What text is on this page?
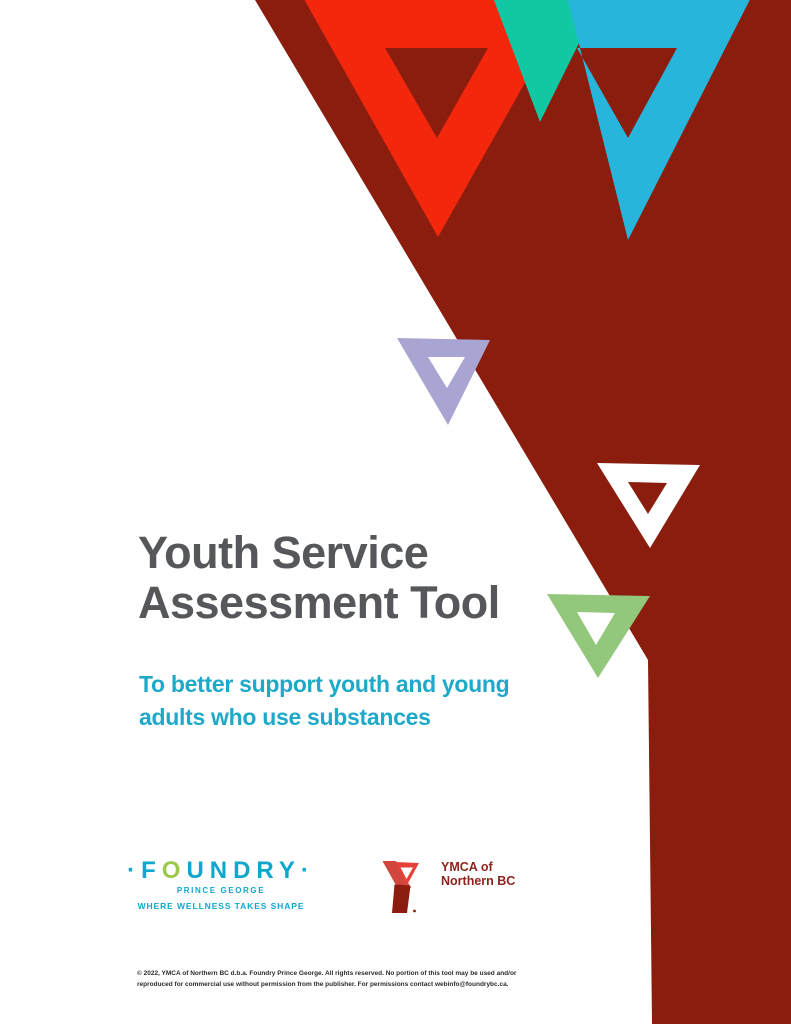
Youth Service
Assessment Tool
To better support youth and young
adults who use substances
·FOUNDRY·
PRINCE GEORGE
WHERE WELLNESS TAKES SHAPE
YMCA of
Northern BC
© 2022, YMCA of Northern BC d.b.a. Foundry Prince George. All rights reserved. No portion of this tool may be used and/or
reproduced for commercial use without permission from the publisher. For permissions contact webinfo@foundrybc.ca.
